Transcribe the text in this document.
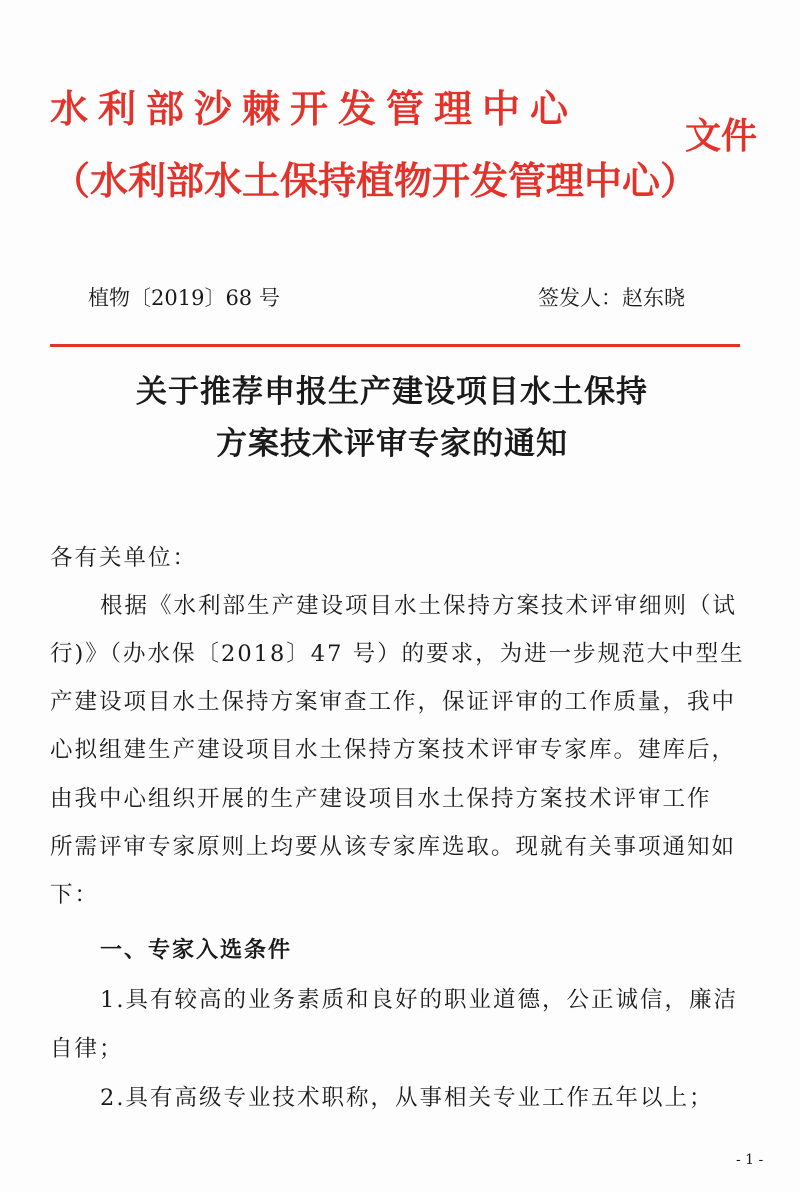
水利部沙棘开发管理中心
（水利部水土保持植物开发管理中心）
文件
植物〔2019〕68 号	签发人：赵东晓
关于推荐申报生产建设项目水土保持
方案技术评审专家的通知
各有关单位：
根据《水利部生产建设项目水土保持方案技术评审细则（试
行)》（办水保〔2018〕47 号）的要求，为进一步规范大中型生
产建设项目水土保持方案审查工作，保证评审的工作质量，我中
心拟组建生产建设项目水土保持方案技术评审专家库。建库后，
由我中心组织开展的生产建设项目水土保持方案技术评审工作
所需评审专家原则上均要从该专家库选取。现就有关事项通知如
下：
一、专家入选条件
1.具有较高的业务素质和良好的职业道德，公正诚信，廉洁
自律；
2.具有高级专业技术职称，从事相关专业工作五年以上；
- 1 -
